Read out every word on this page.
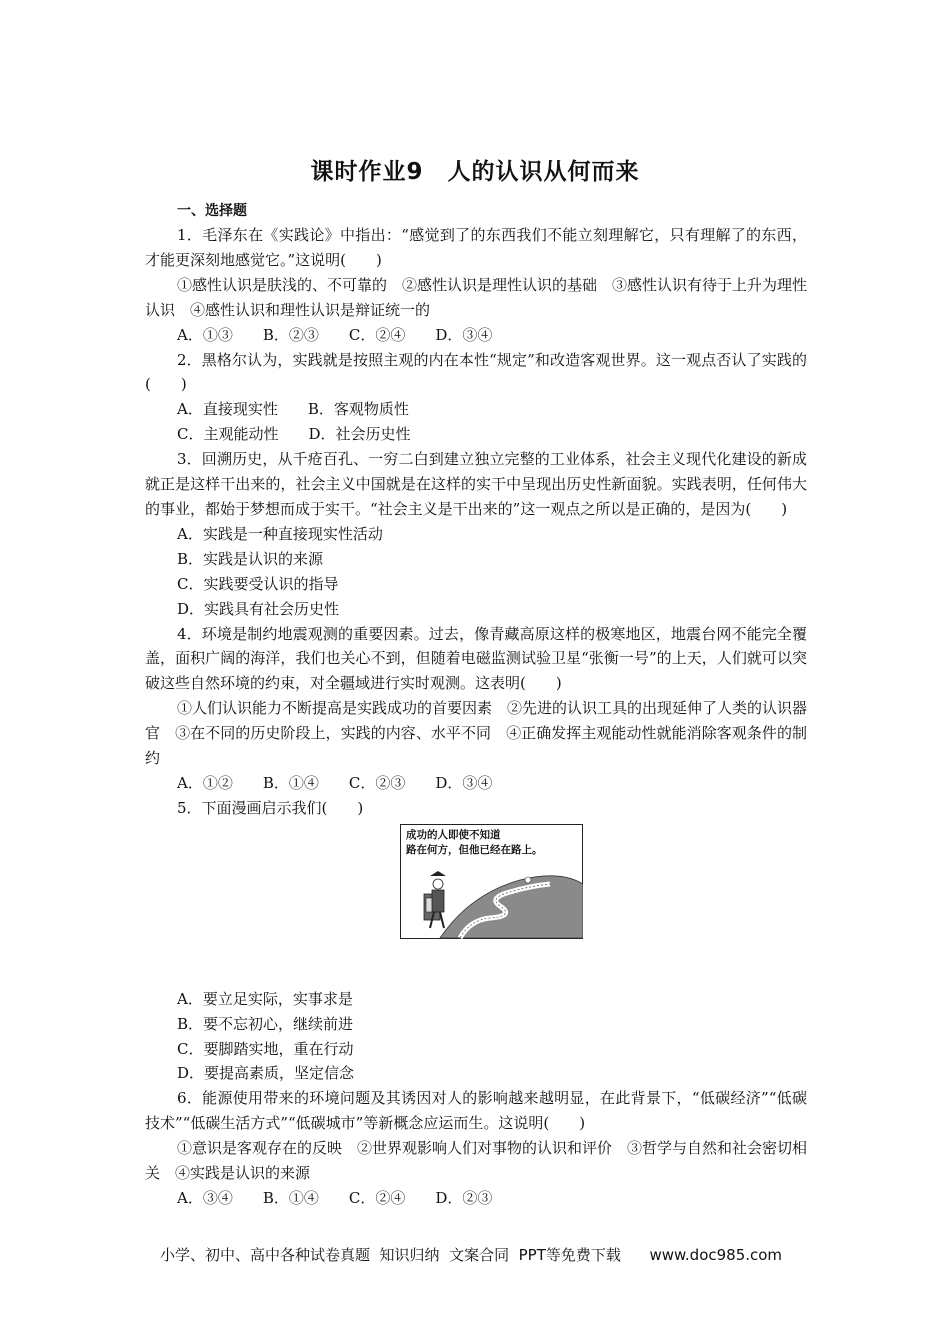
课时作业9　人的认识从何而来
一、选择题

1．毛泽东在《实践论》中指出：“感觉到了的东西我们不能立刻理解它，只有理解了的东西，才能更深刻地感觉它。”这说明(　　)

①感性认识是肤浅的、不可靠的　②感性认识是理性认识的基础　③感性认识有待于上升为理性认识　④感性认识和理性认识是辩证统一的

A．①③　　B．②③　　C．②④　　D．③④

2．黑格尔认为，实践就是按照主观的内在本性“规定”和改造客观世界。这一观点否认了实践的(　　)

A．直接现实性　　B．客观物质性

C．主观能动性　　D．社会历史性

3．回溯历史，从千疮百孔、一穷二白到建立独立完整的工业体系，社会主义现代化建设的新成就正是这样干出来的，社会主义中国就是在这样的实干中呈现出历史性新面貌。实践表明，任何伟大的事业，都始于梦想而成于实干。“社会主义是干出来的”这一观点之所以是正确的，是因为(　　)

A．实践是一种直接现实性活动

B．实践是认识的来源

C．实践要受认识的指导

D．实践具有社会历史性

4．环境是制约地震观测的重要因素。过去，像青藏高原这样的极寒地区，地震台网不能完全覆盖，面积广阔的海洋，我们也关心不到，但随着电磁监测试验卫星“张衡一号”的上天，人们就可以突破这些自然环境的约束，对全疆域进行实时观测。这表明(　　)

①人们认识能力不断提高是实践成功的首要因素　②先进的认识工具的出现延伸了人类的认识器官　③在不同的历史阶段上，实践的内容、水平不同　④正确发挥主观能动性就能消除客观条件的制约

A．①②　　B．①④　　C．②③　　D．③④

5．下面漫画启示我们(　　)

成功的人即使不知道
路在何方，但他已经在路上。

A．要立足实际，实事求是

B．要不忘初心，继续前进

C．要脚踏实地，重在行动

D．要提高素质，坚定信念

6．能源使用带来的环境问题及其诱因对人的影响越来越明显，在此背景下，“低碳经济”“低碳技术”“低碳生活方式”“低碳城市”等新概念应运而生。这说明(　　)

①意识是客观存在的反映　②世界观影响人们对事物的认识和评价　③哲学与自然和社会密切相关　④实践是认识的来源

A．③④　　B．①④　　C．②④　　D．②③

小学、初中、高中各种试卷真题  知识归纳  文案合同  PPT等免费下载      www.doc985.com
